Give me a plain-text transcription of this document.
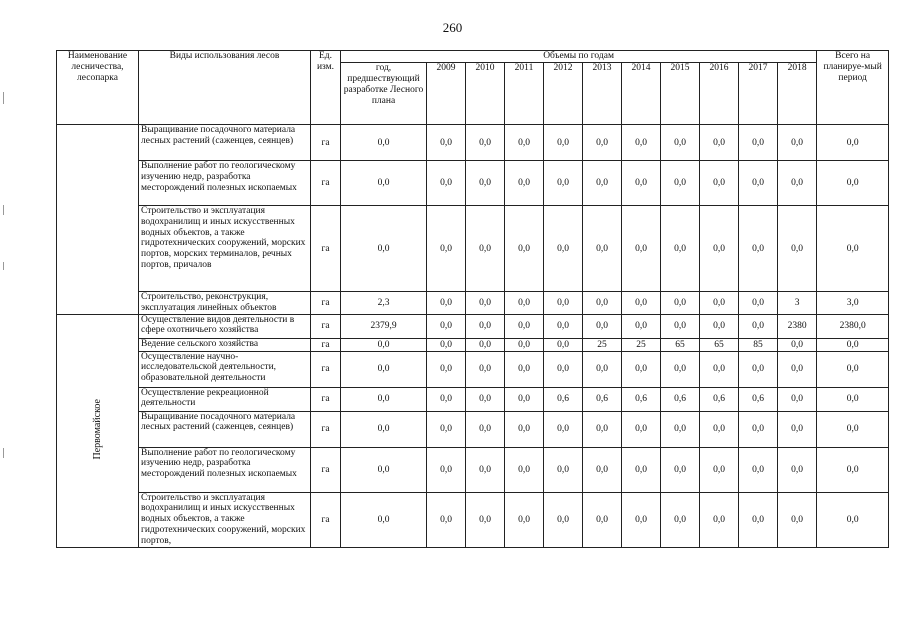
260
Наименование лесничества, лесопарка	Виды использования лесов	Ед. изм.	Объемы по годам											Всего на планируе-мый период
			год, предшествующий разработке Лесного плана	2009	2010	2011	2012	2013	2014	2015	2016	2017	2018	
	Выращивание посадочного материала лесных растений (саженцев, сеянцев)	га	0,0	0,0	0,0	0,0	0,0	0,0	0,0	0,0	0,0	0,0	0,0	0,0
	Выполнение работ по геологическому изучению недр, разработка месторождений полезных ископаемых	га	0,0	0,0	0,0	0,0	0,0	0,0	0,0	0,0	0,0	0,0	0,0	0,0
	Строительство и эксплуатация водохранилищ и иных искусственных водных объектов, а также гидротехнических сооружений, морских портов, морских терминалов, речных портов, причалов	га	0,0	0,0	0,0	0,0	0,0	0,0	0,0	0,0	0,0	0,0	0,0	0,0
	Строительство, реконструкция, эксплуатация линейных объектов	га	2,3	0,0	0,0	0,0	0,0	0,0	0,0	0,0	0,0	0,0	3	3,0
Первомайское	Осуществление видов деятельности в сфере охотничьего хозяйства	га	2379,9	0,0	0,0	0,0	0,0	0,0	0,0	0,0	0,0	0,0	2380	2380,0
	Ведение сельского хозяйства	га	0,0	0,0	0,0	0,0	0,0	25	25	65	65	85	0,0	0,0
	Осуществление научно-исследовательской деятельности, образовательной деятельности	га	0,0	0,0	0,0	0,0	0,0	0,0	0,0	0,0	0,0	0,0	0,0	0,0
	Осуществление рекреационной деятельности	га	0,0	0,0	0,0	0,0	0,6	0,6	0,6	0,6	0,6	0,6	0,0	0,0
	Выращивание посадочного материала лесных растений (саженцев, сеянцев)	га	0,0	0,0	0,0	0,0	0,0	0,0	0,0	0,0	0,0	0,0	0,0	0,0
	Выполнение работ по геологическому изучению недр, разработка месторождений полезных ископаемых	га	0,0	0,0	0,0	0,0	0,0	0,0	0,0	0,0	0,0	0,0	0,0	0,0
	Строительство и эксплуатация водохранилищ и иных искусственных водных объектов, а также гидротехнических сооружений, морских портов,	га	0,0	0,0	0,0	0,0	0,0	0,0	0,0	0,0	0,0	0,0	0,0	0,0
